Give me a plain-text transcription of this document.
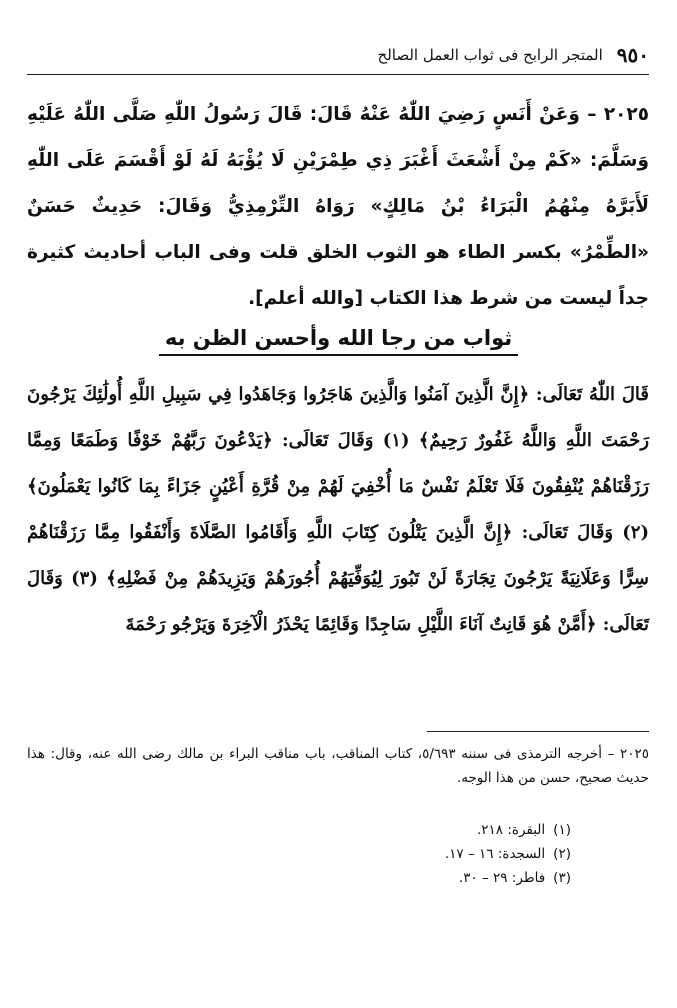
٩٥٠
المتجر الرابح فى ثواب العمل الصالح
٢٠٢٥ – وَعَنْ أَنَسٍ رَضِيَ اللّٰهُ عَنْهُ قَالَ: قَالَ رَسُولُ اللّٰهِ صَلَّى اللّٰهُ عَلَيْهِ وَسَلَّمَ: «كَمْ مِنْ أَشْعَثَ أَغْبَرَ ذِي طِمْرَيْنِ لَا يُؤْبَهُ لَهُ لَوْ أَقْسَمَ عَلَى اللّٰهِ لَأَبَرَّهُ مِنْهُمُ الْبَرَاءُ بْنُ مَالِكٍ» رَوَاهُ التِّرْمِذِيُّ وَقَالَ: حَدِيثٌ حَسَنٌ «الطِّمْرُ» بكسر الطاء هو الثوب الخلق قلت وفى الباب أحاديث كثيرة جداً ليست من شرط هذا الكتاب [والله أعلم].
ثواب من رجا الله وأحسن الظن به
قَالَ اللّٰهُ تَعَالَى: ﴿إِنَّ الَّذِينَ آمَنُوا وَالَّذِينَ هَاجَرُوا وَجَاهَدُوا فِي سَبِيلِ اللَّهِ أُولَٰئِكَ يَرْجُونَ رَحْمَتَ اللَّهِ وَاللَّهُ غَفُورٌ رَحِيمٌ﴾ (١) وَقَالَ تَعَالَى: ﴿يَدْعُونَ رَبَّهُمْ خَوْفًا وَطَمَعًا وَمِمَّا رَزَقْنَاهُمْ يُنْفِقُونَ فَلَا تَعْلَمُ نَفْسٌ مَا أُخْفِيَ لَهُمْ مِنْ قُرَّةِ أَعْيُنٍ جَزَاءً بِمَا كَانُوا يَعْمَلُونَ﴾ (٢) وَقَالَ تَعَالَى: ﴿إِنَّ الَّذِينَ يَتْلُونَ كِتَابَ اللَّهِ وَأَقَامُوا الصَّلَاةَ وَأَنْفَقُوا مِمَّا رَزَقْنَاهُمْ سِرًّا وَعَلَانِيَةً يَرْجُونَ تِجَارَةً لَنْ تَبُورَ لِيُوَفِّيَهُمْ أُجُورَهُمْ وَيَزِيدَهُمْ مِنْ فَضْلِهِ﴾ (٣) وَقَالَ تَعَالَى: ﴿أَمَّنْ هُوَ قَانِتٌ آنَاءَ اللَّيْلِ سَاجِدًا وَقَائِمًا يَحْذَرُ الْآخِرَةَ وَيَرْجُو رَحْمَةَ
٢٠٢٥ – أخرجه الترمذى فى سننه ٥/٦٩٣، كتاب المناقب، باب مناقب البراء بن مالك رضى الله عنه، وقال: هذا حديث صحيح، حسن من هذا الوجه.
(١)
البقرة: ٢١٨.
(٢)
السجدة: ١٦ – ١٧.
(٣)
فاطر: ٢٩ – ٣٠.
